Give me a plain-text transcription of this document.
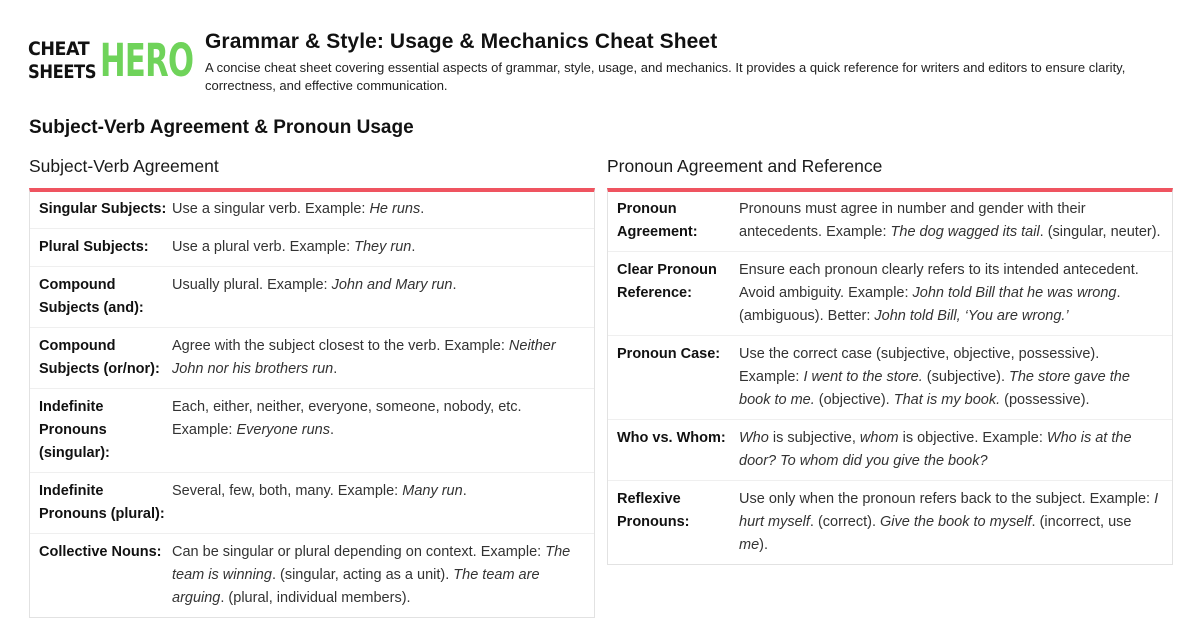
CHEAT
SHEETS HERO Grammar & Style: Usage & Mechanics Cheat Sheet

A concise cheat sheet covering essential aspects of grammar, style, usage, and mechanics. It provides a quick reference for writers and editors to ensure clarity, correctness, and effective communication.

Subject-Verb Agreement & Pronoun Usage
Subject-Verb Agreement
Singular Subjects: Use a singular verb. Example: He runs.
Plural Subjects:	Use a plural verb. Example: They run.
Compound Subjects (and):
Usually plural. Example: John and Mary run.
Compound Subjects (or/nor):
Agree with the subject closest to the verb. Example: Neither John nor his brothers run.
Indefinite Pronouns (singular):
Each, either, neither, everyone, someone, nobody, etc. Example: Everyone runs.
Indefinite Pronouns (plural):
Several, few, both, many. Example: Many run.
Collective Nouns: Can be singular or plural depending on context. Example: The team is winning. (singular, acting as a unit). The team are arguing. (plural, individual members).
Pronoun Agreement and Reference
Pronoun Agreement:
Pronouns must agree in number and gender with their antecedents. Example: The dog wagged its tail. (singular, neuter).
Clear Pronoun Reference:
Ensure each pronoun clearly refers to its intended antecedent. Avoid ambiguity. Example: John told Bill that he was wrong. (ambiguous). Better: John told Bill, ‘You are wrong.’
Pronoun Case:	Use the correct case (subjective, objective, possessive). Example: I went to the store. (subjective). The store gave the book to me. (objective). That is my book. (possessive).
Who vs. Whom: Who is subjective, whom is objective. Example: Who is at the door? To whom did you give the book?
Reflexive Pronouns:
Use only when the pronoun refers back to the subject. Example: I hurt myself. (correct). Give the book to myself. (incorrect, use me).
